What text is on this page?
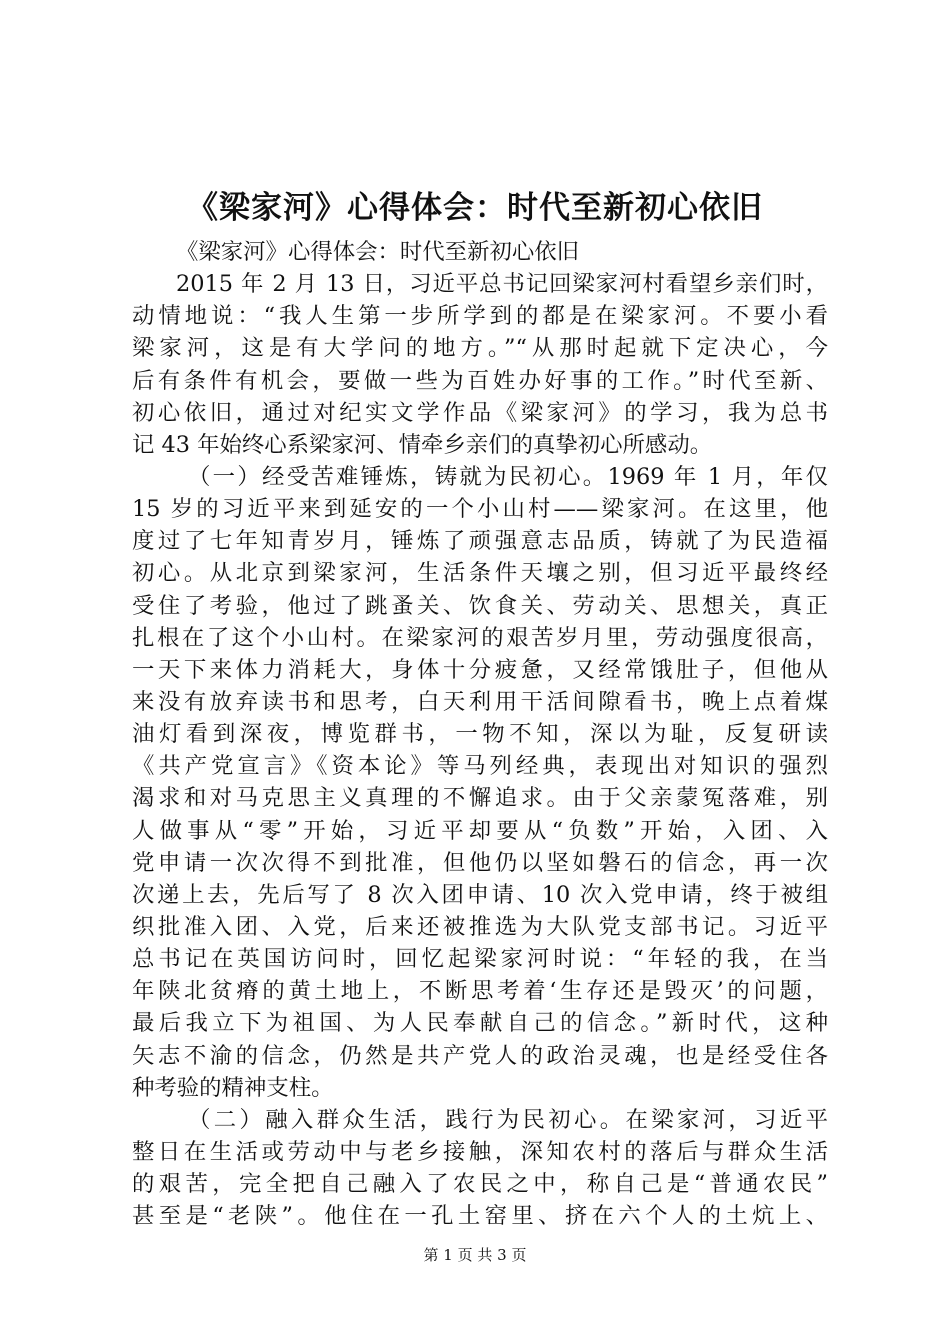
《梁家河》心得体会：时代至新初心依旧
《梁家河》心得体会：时代至新初心依旧
2015 年 2 月 13 日，习近平总书记回梁家河村看望乡亲们时，
动情地说：“我人生第一步所学到的都是在梁家河。不要小看
梁家河，这是有大学问的地方。”“从那时起就下定决心，今
后有条件有机会，要做一些为百姓办好事的工作。”时代至新、
初心依旧，通过对纪实文学作品《梁家河》的学习，我为总书
记 43 年始终心系梁家河、情牵乡亲们的真挚初心所感动。
（一）经受苦难锤炼，铸就为民初心。1969 年 1 月，年仅
15 岁的习近平来到延安的一个小山村——梁家河。在这里，他
度过了七年知青岁月，锤炼了顽强意志品质，铸就了为民造福
初心。从北京到梁家河，生活条件天壤之别，但习近平最终经
受住了考验，他过了跳蚤关、饮食关、劳动关、思想关，真正
扎根在了这个小山村。在梁家河的艰苦岁月里，劳动强度很高，
一天下来体力消耗大，身体十分疲惫，又经常饿肚子，但他从
来没有放弃读书和思考，白天利用干活间隙看书，晚上点着煤
油灯看到深夜，博览群书，一物不知，深以为耻，反复研读
《共产党宣言》《资本论》等马列经典，表现出对知识的强烈
渴求和对马克思主义真理的不懈追求。由于父亲蒙冤落难，别
人做事从“零”开始，习近平却要从“负数”开始，入团、入
党申请一次次得不到批准，但他仍以坚如磐石的信念，再一次
次递上去，先后写了 8 次入团申请、10 次入党申请，终于被组
织批准入团、入党，后来还被推选为大队党支部书记。习近平
总书记在英国访问时，回忆起梁家河时说：“年轻的我，在当
年陕北贫瘠的黄土地上，不断思考着‘生存还是毁灭’的问题，
最后我立下为祖国、为人民奉献自己的信念。”新时代，这种
矢志不渝的信念，仍然是共产党人的政治灵魂，也是经受住各
种考验的精神支柱。
（二）融入群众生活，践行为民初心。在梁家河，习近平
整日在生活或劳动中与老乡接触，深知农村的落后与群众生活
的艰苦，完全把自己融入了农民之中，称自己是“普通农民”
甚至是“老陕”。他住在一孔土窑里、挤在六个人的土炕上、
第 1 页 共 3 页
